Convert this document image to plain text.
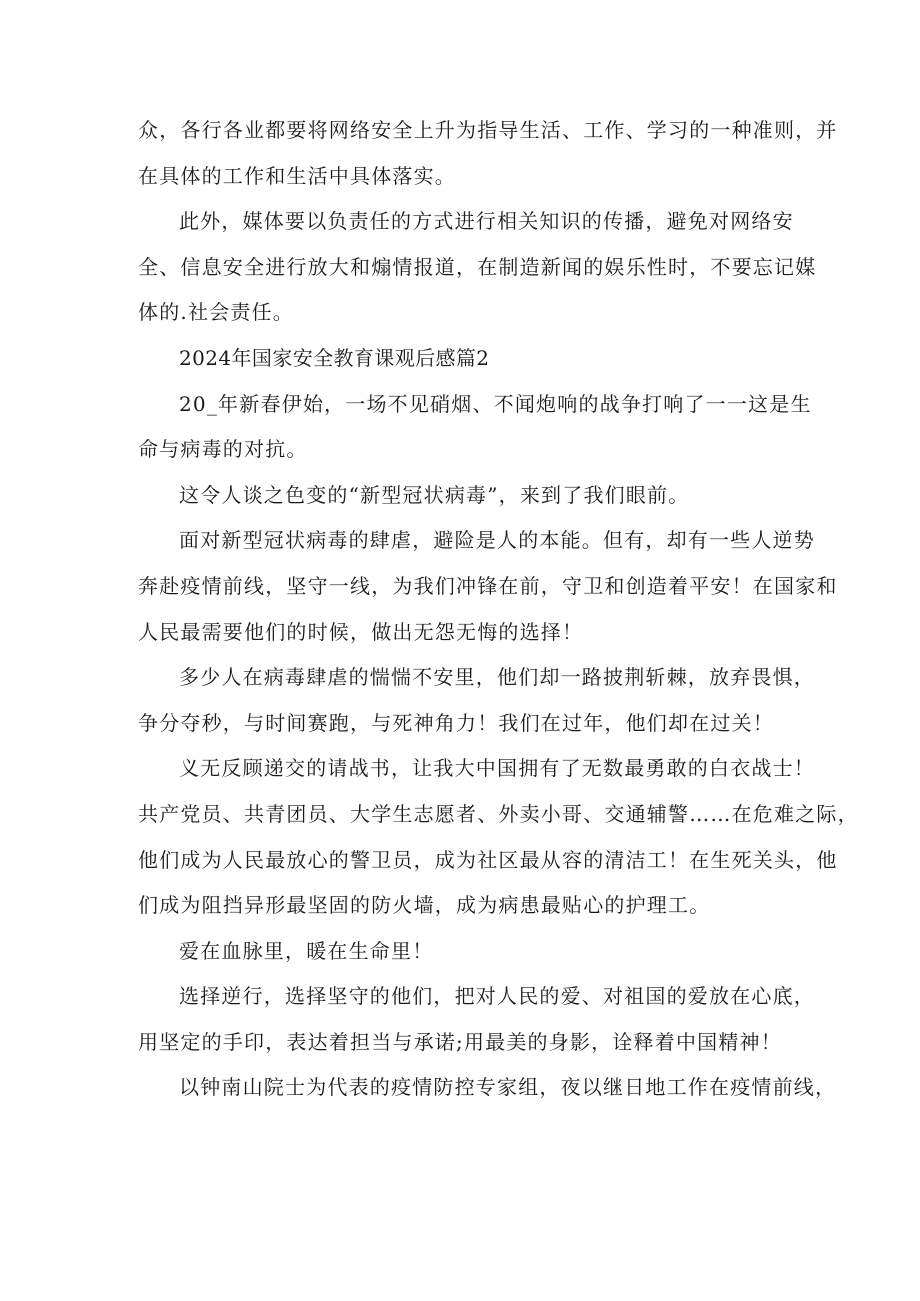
众，各行各业都要将网络安全上升为指导生活、工作、学习的一种准则，并
在具体的工作和生活中具体落实。
此外，媒体要以负责任的方式进行相关知识的传播，避免对网络安
全、信息安全进行放大和煽情报道，在制造新闻的娱乐性时，不要忘记媒
体的.社会责任。
2024年国家安全教育课观后感篇2
20_年新春伊始，一场不见硝烟、不闻炮响的战争打响了一一这是生
命与病毒的对抗。
这令人谈之色变的“新型冠状病毒”，来到了我们眼前。
面对新型冠状病毒的肆虐，避险是人的本能。但有，却有一些人逆势
奔赴疫情前线，坚守一线，为我们冲锋在前，守卫和创造着平安！在国家和
人民最需要他们的时候，做出无怨无悔的选择！
多少人在病毒肆虐的惴惴不安里，他们却一路披荆斩棘，放弃畏惧，
争分夺秒，与时间赛跑，与死神角力！我们在过年，他们却在过关！
义无反顾递交的请战书，让我大中国拥有了无数最勇敢的白衣战士！
共产党员、共青团员、大学生志愿者、外卖小哥、交通辅警……在危难之际，
他们成为人民最放心的警卫员，成为社区最从容的清洁工！在生死关头，他
们成为阻挡异形最坚固的防火墙，成为病患最贴心的护理工。
爱在血脉里，暖在生命里！
选择逆行，选择坚守的他们，把对人民的爱、对祖国的爱放在心底，
用坚定的手印，表达着担当与承诺;用最美的身影，诠释着中国精神！
以钟南山院士为代表的疫情防控专家组，夜以继日地工作在疫情前线，
